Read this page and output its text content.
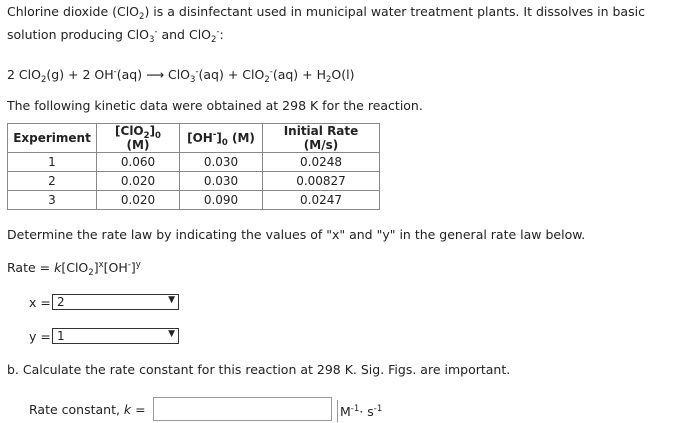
Chlorine dioxide (ClO$_2$) is a disinfectant used in municipal water treatment plants. It dissolves in basic
solution producing ClO$_3$- and ClO$_2$-:
2 ClO$_2$(g) + 2 OH-(aq) ⟶ $ClO_3^-(aq) + ClO_2^-(aq) + H_2O(l)$
The following kinetic data were obtained at 298 K for the reaction.
Experiment	$[ClO_2]_0$ (M)	$[OH^-]_0$ (M)	Initial Rate (M/s)
1	0.060	0.030	0.0248
2	0.020	0.030	0.00827
3	0.020	0.090	0.0247
Determine the rate law by indicating the values of "x" and "y" in the general rate law below.
Rate = $k[ClO_2]^x[OH^-]^y$
x = 2	▼
y = 1	▼
b. Calculate the rate constant for this reaction at 298 K. Sig. Figs. are important.
Rate constant, k =	$M^{-1}\cdot s^{-1}$
